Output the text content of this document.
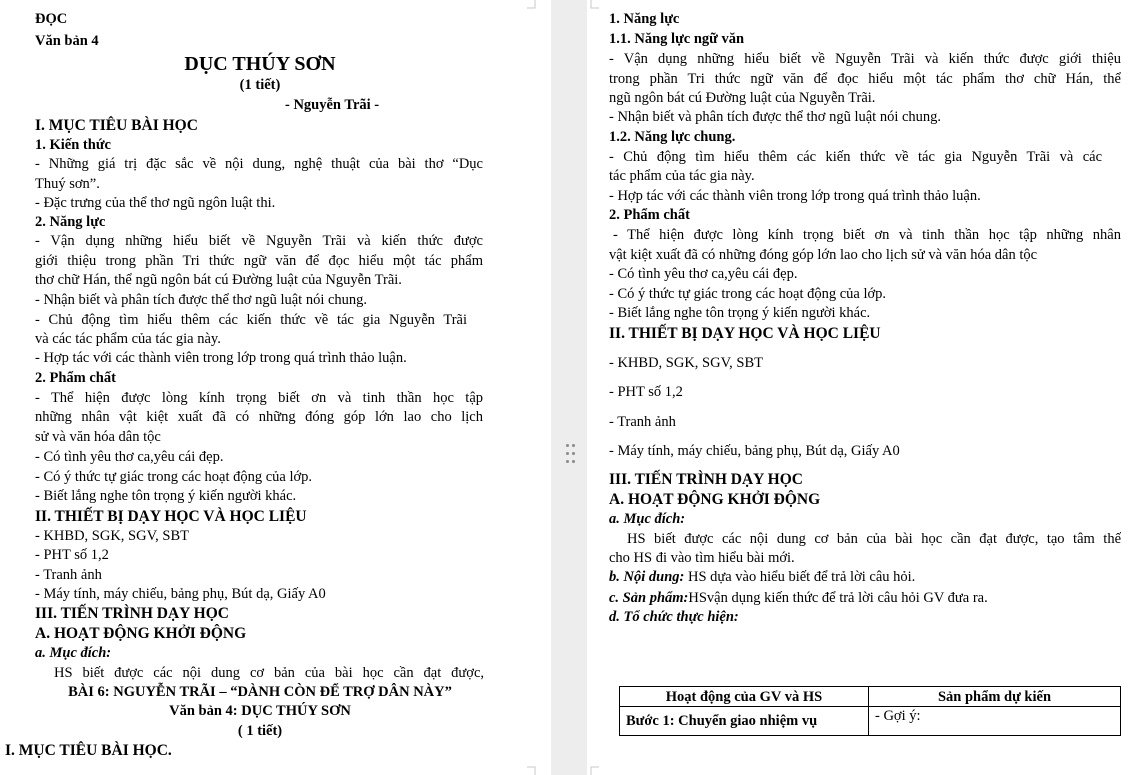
ĐỌC
Văn bản 4
DỤC THÚY SƠN
(1 tiết)
- Nguyễn Trãi -
I. MỤC TIÊU BÀI HỌC
1. Kiến thức
- Những giá trị đặc sắc về nội dung, nghệ thuật của bài thơ “Dục
Thuý sơn”.
- Đặc trưng của thể thơ ngũ ngôn luật thi.
2. Năng lực
- Vận dụng những hiểu biết về Nguyễn Trãi và kiến thức được
giới thiệu trong phần Tri thức ngữ văn để đọc hiểu một tác phẩm
thơ chữ Hán, thể ngũ ngôn bát cú Đường luật của Nguyễn Trãi.
- Nhận biết và phân tích được thể thơ ngũ luật nói chung.
- Chủ động tìm hiểu thêm các kiến thức về tác gia Nguyễn Trãi
và các tác phẩm của tác gia này.
- Hợp tác với các thành viên trong lớp trong quá trình thảo luận.
2. Phẩm chất
- Thể hiện được lòng kính trọng biết ơn và tinh thần học tập
những nhân vật kiệt xuất đã có những đóng góp lớn lao cho lịch
sử và văn hóa dân tộc
- Có tình yêu thơ ca,yêu cái đẹp.
- Có ý thức tự giác trong các hoạt động của lớp.
- Biết lắng nghe tôn trọng ý kiến người khác.
II. THIẾT BỊ DẠY HỌC VÀ HỌC LIỆU
- KHBD, SGK, SGV, SBT
- PHT số 1,2
- Tranh ảnh
- Máy tính, máy chiếu, bảng phụ, Bút dạ, Giấy A0
III. TIẾN TRÌNH DẠY HỌC
A. HOẠT ĐỘNG KHỞI ĐỘNG
a. Mục đích:
HS biết được các nội dung cơ bản của bài học cần đạt được,
BÀI 6: NGUYỄN TRÃI – “DÀNH CÒN ĐỂ TRỢ DÂN NÀY”
Văn bản 4: DỤC THÚY SƠN
( 1 tiết)
I. MỤC TIÊU BÀI HỌC.
1. Năng lực
1.1. Năng lực ngữ văn
- Vận dụng những hiểu biết về Nguyễn Trãi và kiến thức được giới thiệu
trong phần Tri thức ngữ văn để đọc hiểu một tác phẩm thơ chữ Hán, thể
ngũ ngôn bát cú Đường luật của Nguyễn Trãi.
- Nhận biết và phân tích được thể thơ ngũ luật nói chung.
1.2. Năng lực chung.
- Chủ động tìm hiểu thêm các kiến thức về tác gia Nguyễn Trãi và các
tác phẩm của tác gia này.
- Hợp tác với các thành viên trong lớp trong quá trình thảo luận.
2. Phẩm chất
- Thể hiện được lòng kính trọng biết ơn và tinh thần học tập những nhân
vật kiệt xuất đã có những đóng góp lớn lao cho lịch sử và văn hóa dân tộc
- Có tình yêu thơ ca,yêu cái đẹp.
- Có ý thức tự giác trong các hoạt động của lớp.
- Biết lắng nghe tôn trọng ý kiến người khác.
II. THIẾT BỊ DẠY HỌC VÀ HỌC LIỆU
- KHBD, SGK, SGV, SBT
- PHT số 1,2
- Tranh ảnh
- Máy tính, máy chiếu, bảng phụ, Bút dạ, Giấy A0
III. TIẾN TRÌNH DẠY HỌC
A. HOẠT ĐỘNG KHỞI ĐỘNG
a. Mục đích:
HS biết được các nội dung cơ bản của bài học cần đạt được, tạo tâm thế
cho HS đi vào tìm hiểu bài mới.
b. Nội dung: HS dựa vào hiểu biết để trả lời câu hỏi.
c. Sản phẩm:HSvận dụng kiến thức để trả lời câu hỏi GV đưa ra.
d. Tổ chức thực hiện:
Hoạt động của GV và HS	Sản phẩm dự kiến
Bước 1: Chuyển giao nhiệm vụ	- Gợi ý:
